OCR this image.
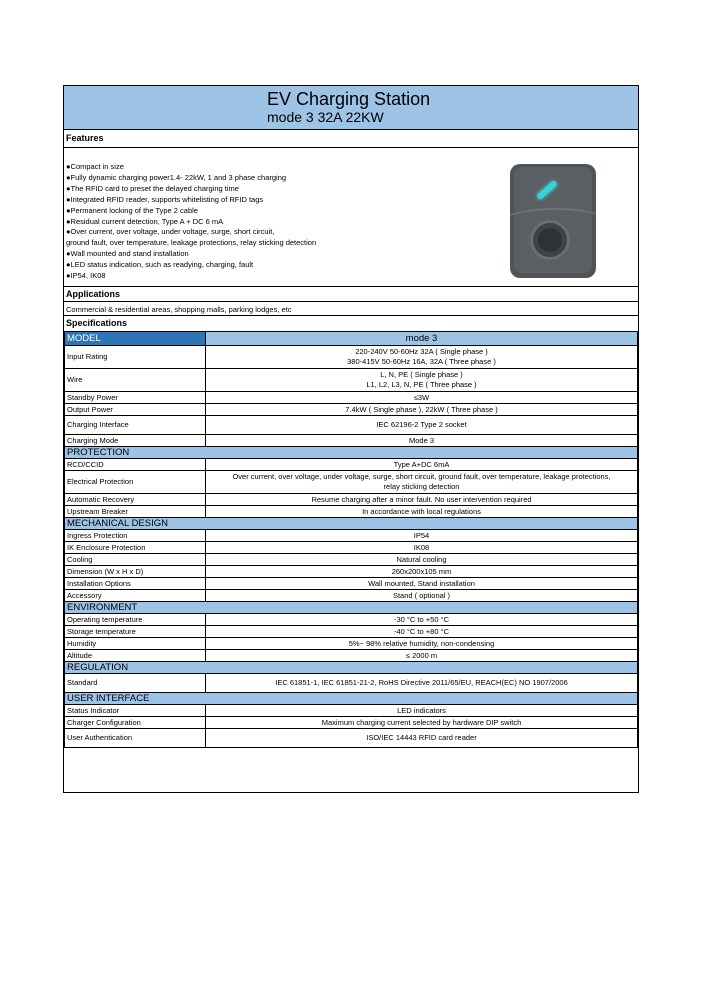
EV Charging Station
mode 3 32A 22KW
Features
●Compact in size
●Fully dynamic charging power1.4- 22kW, 1 and 3 phase charging
●The RFID card to preset the delayed charging time
●Integrated RFID reader, supports whitelisting of RFID tags
●Permanent locking of the Type 2 cable
●Residual current detection, Type A + DC 6 mA
●Over current, over voltage, under voltage, surge, short circuit,
ground fault, over temperature, leakage protections, relay sticking detection
●Wall mounted and stand installation
●LED status indication, such as readying, charging, fault
●IP54, IK08
Applications
Commercial & residential areas, shopping malls, parking lodges, etc
Specifications
MODEL	mode 3
Input Rating	220-240V 50-60Hz 32A ( Single phase )
380-415V 50-60Hz 16A, 32A ( Three phase )

Wire	L, N, PE ( Single phase )
L1, L2, L3, N, PE ( Three phase )

Standby Power	≤3W

Output Power	7.4kW ( Single phase ), 22kW ( Three phase )

Charging Interface	IEC 62196-2 Type 2 socket

Charging Mode	Mode 3

PROTECTION	
RCD/CCID	Type A+DC 6mA

Electrical Protection	Over current, over voltage, under voltage, surge, short circuit, ground fault, over temperature, leakage protections,
relay sticking detection

Automatic Recovery	Resume charging after a minor fault. No user intervention required

Upstream Breaker	In accordance with local regulations

MECHANICAL DESIGN	
Ingress Protection	IP54

IK Enclosure Protection	IK08

Cooling	Natural cooling

Dimension (W x H x D)	260x200x105 mm

Installation Options	Wall mounted, Stand installation

Accessory	Stand ( optional )

ENVIRONMENT	
Operating temperature	-30 °C to +50 °C

Storage temperature	-40 °C to +80 °C

Humidity	5%~ 98% relative humidity, non-condensing

Altitude	≤ 2000 m

REGULATION	
Standard	IEC 61851-1, IEC 61851-21-2, RoHS Directive 2011/65/EU, REACH(EC) NO 1907/2006

USER INTERFACE	
Status Indicator	LED indicators

Charger Configuration	Maximum charging current selected by hardware DIP switch

User Authentication	ISO/IEC 14443 RFID card reader
